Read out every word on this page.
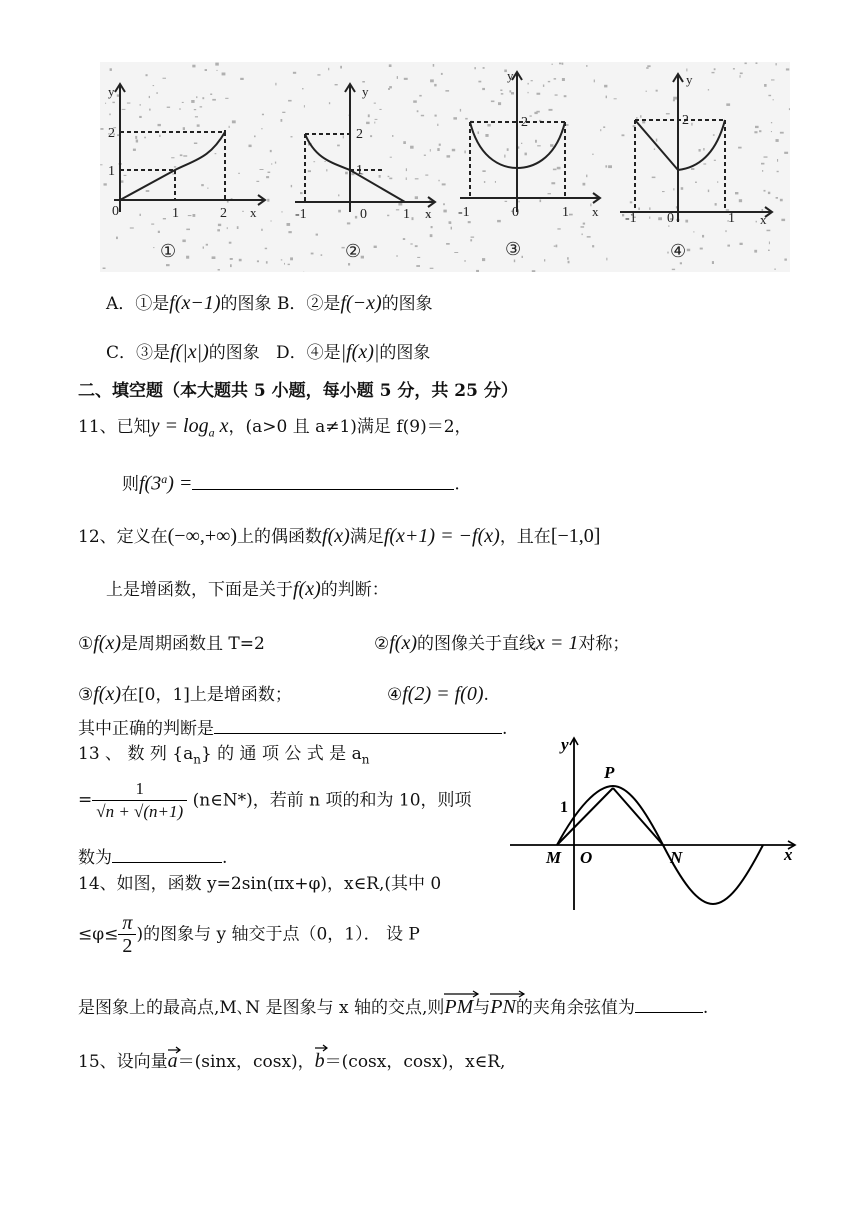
y
0	1	2 x
1
2
①
y
-1	0	1 x
1
2
②
y
-1	0	1 x
2
③
y
-1 0	1 x
2
④
A．①是f(x−1)的图象 B．②是f(−x)的图象
C．③是f(|x|)的图象 D．④是|f(x)|的图象
二、填空题（本大题共 5 小题，每小题 5 分，共 25 分）
11、已知$y = \log_a x$，(a>0 且 a≠1)满足 f(9)＝2，
则$f(3^a)$ =	.
12、定义在(−∞,+∞)上的偶函数f(x)满足f(x+1) = −f(x)，且在[−1,0]
上是增函数，下面是关于f(x)的判断：
①f(x)是周期函数且 T=2	②f(x)的图像关于直线x = 1对称；
③f(x)在[0，1]上是增函数；	④f(2) = f(0).
其中正确的判断是	.
13 、 数 列 $\{a_n\}$ 的 通 项 公 式 是 $a_n$
= $\frac{1}{√n + √(n+1)}$ (n∈N*)，若前 n 项的和为 10，则项
数为	.
14、如图，函数 y=2sin(πx+φ)，x∈R,(其中 0
$\le\varphi\le \frac{\pi}{2}$ )的图象与 y 轴交于点（0，1）． 设 P
是图象上的最高点,M､N 是图象与 x 轴的交点,则PM
与PN
的夹角余弦值为	.
15、设向量a
＝(sinx，cosx)，b
＝(cosx，cosx)，x∈R,
y
x
P
M O	N
1
